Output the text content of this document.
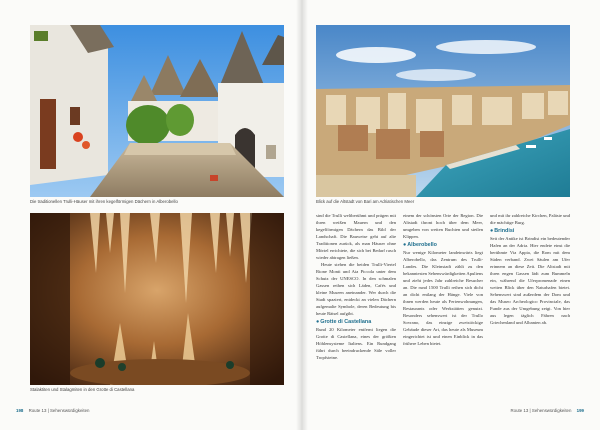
Die traditionellen Trulli-Häuser mit ihren kegelförmigen Dächern in Alberobello
Stalaktiten und Stalagmiten in den Grotte di Castellana
Blick auf die Altstadt von Bari am Adriatischen Meer

sind die Trulli weltberühmt und prägen mit ihren weißen Mauern und den kegelförmigen Dächern das Bild der Landschaft. Die Bauweise geht auf alte Traditionen zurück, als man Häuser ohne Mörtel errichtete, die sich bei Bedarf rasch wieder abtragen ließen.

Heute stehen die beiden Trulli-Viertel Rione Monti und Aia Piccola unter dem Schutz der UNESCO. In den schmalen Gassen reihen sich Läden, Cafés und kleine Museen aneinander. Wer durch die Stadt spaziert, entdeckt an vielen Dächern aufgemalte Symbole, deren Bedeutung bis heute Rätsel aufgibt.

●Grotte di Castellana

Rund 20 Kilometer entfernt liegen die Grotte di Castellana, eines der größten Höhlensysteme Italiens. Ein Rundgang führt durch beeindruckende Säle voller Tropfsteine.

einem der schönsten Orte der Region. Die Altstadt thront hoch über dem Meer, umgeben von weiten Buchten und steilen Klippen.

●Alberobello

Nur wenige Kilometer landeinwärts liegt Alberobello, das Zentrum des Trulli-Landes. Die Kleinstadt zählt zu den bekanntesten Sehenswürdigkeiten Apuliens und zieht jedes Jahr zahlreiche Besucher an. Die rund 1500 Trulli reihen sich dicht an dicht entlang der Hänge. Viele von ihnen werden heute als Ferienwohnungen, Restaurants oder Werkstätten genutzt. Besonders sehenswert ist der Trullo Sovrano, das einzige zweistöckige Gebäude dieser Art, das heute als Museum eingerichtet ist und einen Einblick in das frühere Leben bietet.

und mit ihr zahlreiche Kirchen, Paläste und die mächtige Burg.

●Brindisi

Seit der Antike ist Brindisi ein bedeutender Hafen an der Adria. Hier endete einst die berühmte Via Appia, die Rom mit dem Süden verband. Zwei Säulen am Ufer erinnern an diese Zeit. Die Altstadt mit ihren engen Gassen lädt zum Bummeln ein, während die Uferpromenade einen weiten Blick über den Naturhafen bietet. Sehenswert sind außerdem der Dom und das Museo Archeologico Provinciale, das Funde aus der Umgebung zeigt. Von hier aus legen täglich Fähren nach Griechenland und Albanien ab.

198 Route 13 | Sehenswürdigkeiten	Route 13 | Sehenswürdigkeiten 199
